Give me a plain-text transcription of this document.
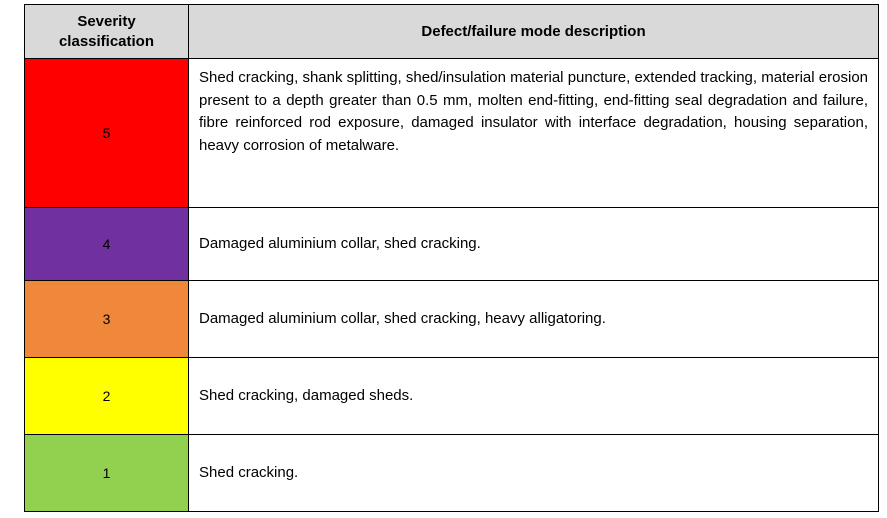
Severity classification	Defect/failure mode description
5	Shed cracking, shank splitting, shed/insulation material puncture, extended tracking, material erosion present to a depth greater than 0.5 mm, molten end-fitting, end-fitting seal degradation and failure, fibre reinforced rod exposure, damaged insulator with interface degradation, housing separation, heavy corrosion of metalware.
4	Damaged aluminium collar, shed cracking.
3	Damaged aluminium collar, shed cracking, heavy alligatoring.
2	Shed cracking, damaged sheds.
1	Shed cracking.
